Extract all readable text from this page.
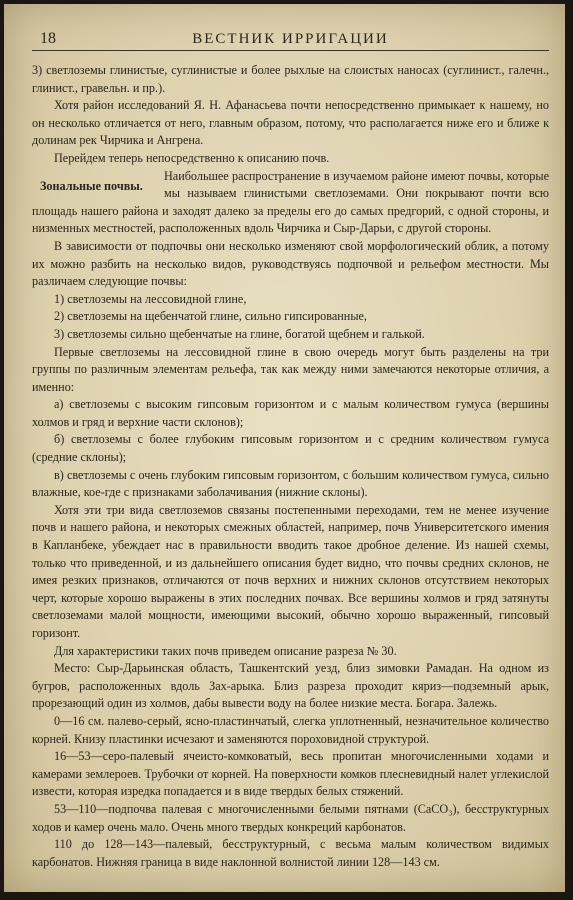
18	ВЕСТНИК ИРРИГАЦИИ

3) светлоземы глинистые, суглинистые и более рыхлые на слоистых наносах (суглинист., галечн., глинист., гравельн. и пр.).

Хотя район исследований Я. Н. Афанасьева почти непосредственно примыкает к нашему, но он несколько отличается от него, главным образом, потому, что располагается ниже его и ближе к долинам рек Чирчика и Ангрена.

Перейдем теперь непосредственно к описанию почв.

Зональные почвы.

Наибольшее распространение в изучаемом районе имеют почвы, которые мы называем глинистыми светлоземами. Они покрывают почти всю площадь нашего района и заходят далеко за пределы его до самых предгорий, с одной стороны, и низменных местностей, расположенных вдоль Чирчика и Сыр-Дарьи, с другой стороны.

В зависимости от подпочвы они несколько изменяют свой морфологический облик, а потому их можно разбить на несколько видов, руководствуясь подпочвой и рельефом местности. Мы различаем следующие почвы:

1) светлоземы на лессовидной глине,

2) светлоземы на щебенчатой глине, сильно гипсированные,

3) светлоземы сильно щебенчатые на глине, богатой щебнем и галькой.

Первые светлоземы на лессовидной глине в свою очередь могут быть разделены на три группы по различным элементам рельефа, так как между ними замечаются некоторые отличия, а именно:

а) светлоземы с высоким гипсовым горизонтом и с малым количеством гумуса (вершины холмов и гряд и верхние части склонов);

б) светлоземы с более глубоким гипсовым горизонтом и с средним количеством гумуса (средние склоны);

в) светлоземы с очень глубоким гипсовым горизонтом, с большим количеством гумуса, сильно влажные, кое-где с признаками заболачивания (нижние склоны).

Хотя эти три вида светлоземов связаны постепенными переходами, тем не менее изучение почв и нашего района, и некоторых смежных областей, например, почв Университетского имения в Капланбеке, убеждает нас в правильности вводить такое дробное деление. Из нашей схемы, только что приведенной, и из дальнейшего описания будет видно, что почвы средних склонов, не имея резких признаков, отличаются от почв верхних и нижних склонов отсутствием некоторых черт, которые хорошо выражены в этих последних почвах. Все вершины холмов и гряд затянуты светлоземами малой мощности, имеющими высокий, обычно хорошо выраженный, гипсовый горизонт.

Для характеристики таких почв приведем описание разреза № 30.

Место: Сыр-Дарьинская область, Ташкентский уезд, близ зимовки Рамадан. На одном из бугров, расположенных вдоль Зах-арыка. Близ разреза проходит кяриз—подземный арык, прорезающий один из холмов, дабы вывести воду на более низкие места. Богара. Залежь.

0—16 см. палево-серый, ясно-пластинчатый, слегка уплотненный, незначительное количество корней. Книзу пластинки исчезают и заменяются пороховидной структурой.

16—53—серо-палевый ячеисто-комковатый, весь пропитан многочисленными ходами и камерами землероев. Трубочки от корней. На поверхности комков плесневидный налет углекислой извести, которая изредка попадается и в виде твердых белых стяжений.

53—110—подпочва палевая с многочисленными белыми пятнами (CaCO₃), бесструктурных ходов и камер очень мало. Очень много твердых конкреций карбонатов.

110 до 128—143—палевый, бесструктурный, с весьма малым количеством видимых карбонатов. Нижняя граница в виде наклонной волнистой линии 128—143 см.
